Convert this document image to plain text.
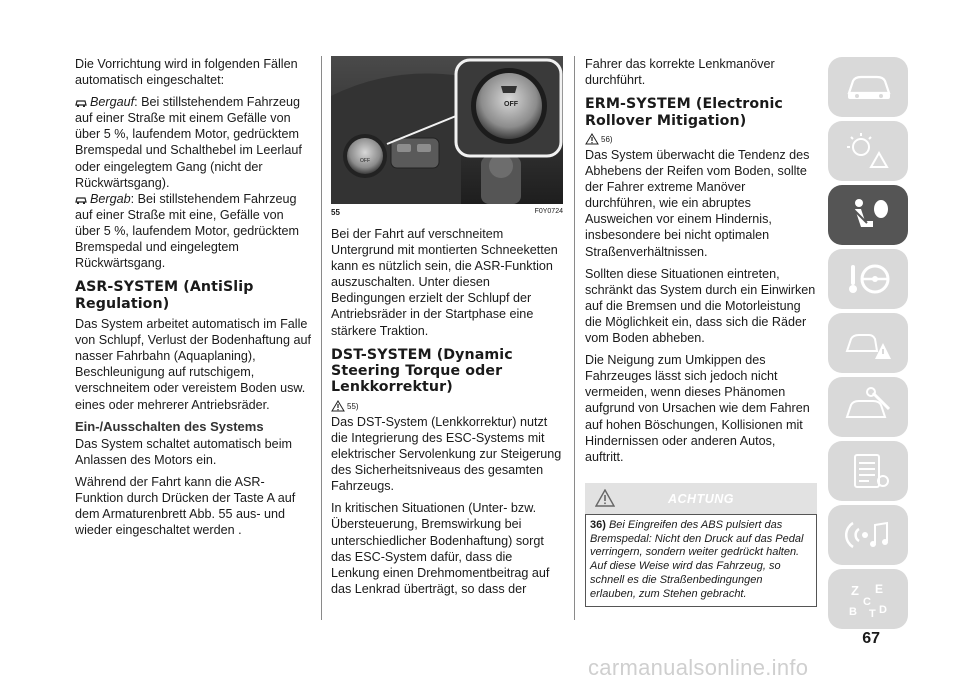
Die Vorrichtung wird in folgenden Fällen automatisch eingeschaltet:

Bergauf: Bei stillstehendem Fahrzeug auf einer Straße mit einem Gefälle von über 5 %, laufendem Motor, gedrücktem Bremspedal und Schalthebel im Leerlauf oder eingelegtem Gang (nicht der Rückwärtsgang).
Bergab: Bei stillstehendem Fahrzeug auf einer Straße mit eine, Gefälle von über 5 %, laufendem Motor, gedrücktem Bremspedal und eingelegtem Rückwärtsgang.
ASR-SYSTEM (AntiSlip Regulation)

Das System arbeitet automatisch im Falle von Schlupf, Verlust der Bodenhaftung auf nasser Fahrbahn (Aquaplaning), Beschleunigung auf rutschigem, verschneitem oder vereistem Boden usw. eines oder mehrerer Antriebsräder.

Ein-/Ausschalten des Systems

Das System schaltet automatisch beim Anlassen des Motors ein.

Während der Fahrt kann die ASR-Funktion durch Drücken der Taste A auf dem Armaturenbrett Abb. 55 aus- und wieder eingeschaltet werden .

OFF
OFF
55	F0Y0724

Bei der Fahrt auf verschneitem Untergrund mit montierten Schneeketten kann es nützlich sein, die ASR-Funktion auszuschalten. Unter diesen Bedingungen erzielt der Schlupf der Antriebsräder in der Startphase eine stärkere Traktion.

DST-SYSTEM (Dynamic Steering Torque oder Lenkkorrektur)
55)

Das DST-System (Lenkkorrektur) nutzt die Integrierung des ESC-Systems mit elektrischer Servolenkung zur Steigerung des Sicherheitsniveaus des gesamten Fahrzeugs.

In kritischen Situationen (Unter- bzw. Übersteuerung, Bremswirkung bei unterschiedlicher Bodenhaftung) sorgt das ESC-System dafür, dass die Lenkung einen Drehmomentbeitrag auf das Lenkrad überträgt, so dass der

Fahrer das korrekte Lenkmanöver durchführt.

ERM-SYSTEM (Electronic Rollover Mitigation)
56)

Das System überwacht die Tendenz des Abhebens der Reifen vom Boden, sollte der Fahrer extreme Manöver durchführen, wie ein abruptes Ausweichen vor einem Hindernis, insbesondere bei nicht optimalen Straßenverhältnissen.

Sollten diese Situationen eintreten, schränkt das System durch ein Einwirken auf die Bremsen und die Motorleistung die Möglichkeit ein, dass sich die Räder vom Boden abheben.

Die Neigung zum Umkippen des Fahrzeuges lässt sich jedoch nicht vermeiden, wenn dieses Phänomen aufgrund von Ursachen wie dem Fahren auf hohen Böschungen, Kollisionen mit Hindernissen oder anderen Autos, auftritt.

ACHTUNG
36) Bei Eingreifen des ABS pulsiert das Bremspedal: Nicht den Druck auf das Pedal verringern, sondern weiter gedrückt halten. Auf diese Weise wird das Fahrzeug, so schnell es die Straßenbedingungen erlauben, zum Stehen gebracht.	Z E
C
B D
T
67
carmanualsonline.info
